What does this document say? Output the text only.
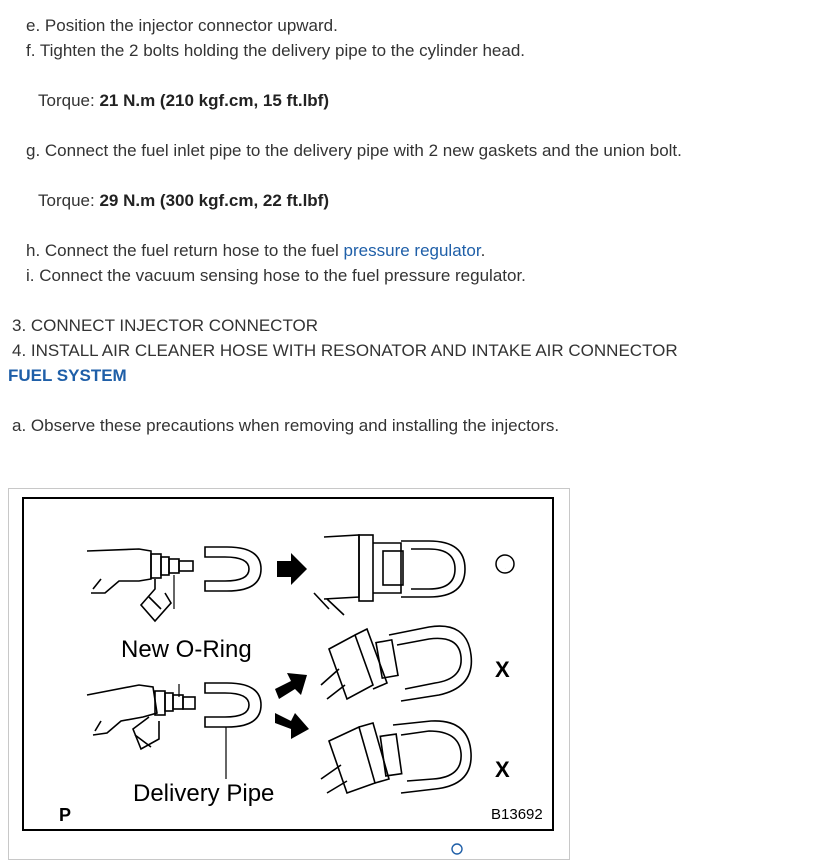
e. Position the injector connector upward.
f. Tighten the 2 bolts holding the delivery pipe to the cylinder head.
Torque: 21 N.m (210 kgf.cm, 15 ft.lbf)
g. Connect the fuel inlet pipe to the delivery pipe with 2 new gaskets and the union bolt.
Torque: 29 N.m (300 kgf.cm, 22 ft.lbf)
h. Connect the fuel return hose to the fuel pressure regulator.
i. Connect the vacuum sensing hose to the fuel pressure regulator.
3. CONNECT INJECTOR CONNECTOR
4. INSTALL AIR CLEANER HOSE WITH RESONATOR AND INTAKE AIR CONNECTOR
FUEL SYSTEM
a. Observe these precautions when removing and installing the injectors.
○
New O-Ring
X
X
Delivery Pipe
P	B13692
